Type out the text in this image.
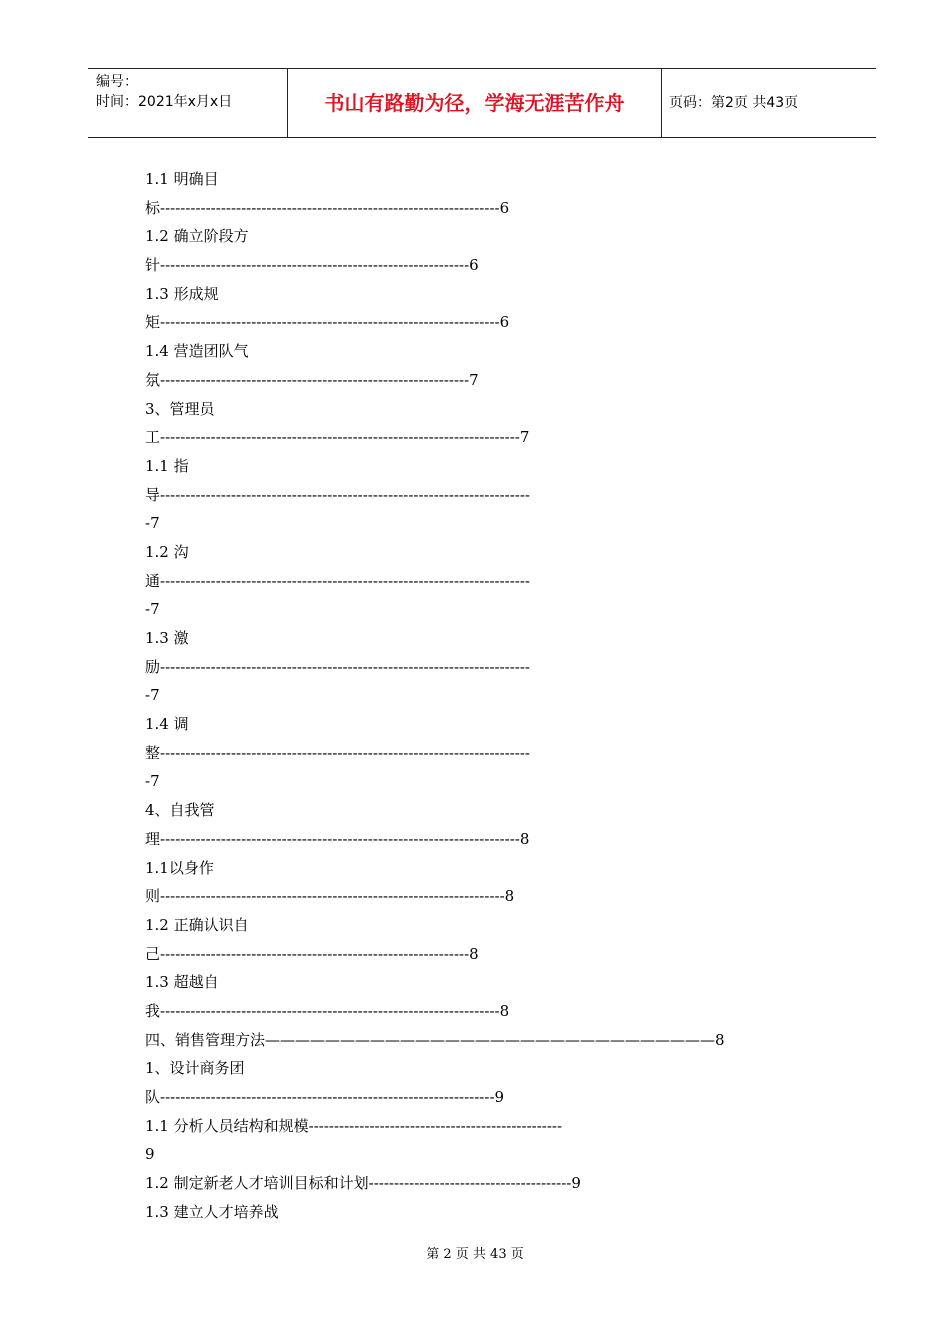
编号：
时间：2021年x月x日	书山有路勤为径，学海无涯苦作舟	页码：第2页 共43页
1.1 明确目
标-------------------------------------------------------------------6
1.2 确立阶段方
针-------------------------------------------------------------6
1.3 形成规
矩-------------------------------------------------------------------6
1.4 营造团队气
氛-------------------------------------------------------------7
3、管理员
工-----------------------------------------------------------------------7
1.1 指
导-------------------------------------------------------------------------
-7
1.2 沟
通-------------------------------------------------------------------------
-7
1.3 激
励-------------------------------------------------------------------------
-7
1.4 调
整-------------------------------------------------------------------------
-7
4、自我管
理-----------------------------------------------------------------------8
1.1以身作
则--------------------------------------------------------------------8
1.2 正确认识自
己-------------------------------------------------------------8
1.3 超越自
我-------------------------------------------------------------------8
四、销售管理方法——————————————————————————————8
1、设计商务团
队------------------------------------------------------------------9
1.1 分析人员结构和规模--------------------------------------------------
9
1.2 制定新老人才培训目标和计划----------------------------------------9
1.3 建立人才培养战
第 2 页 共 43 页
